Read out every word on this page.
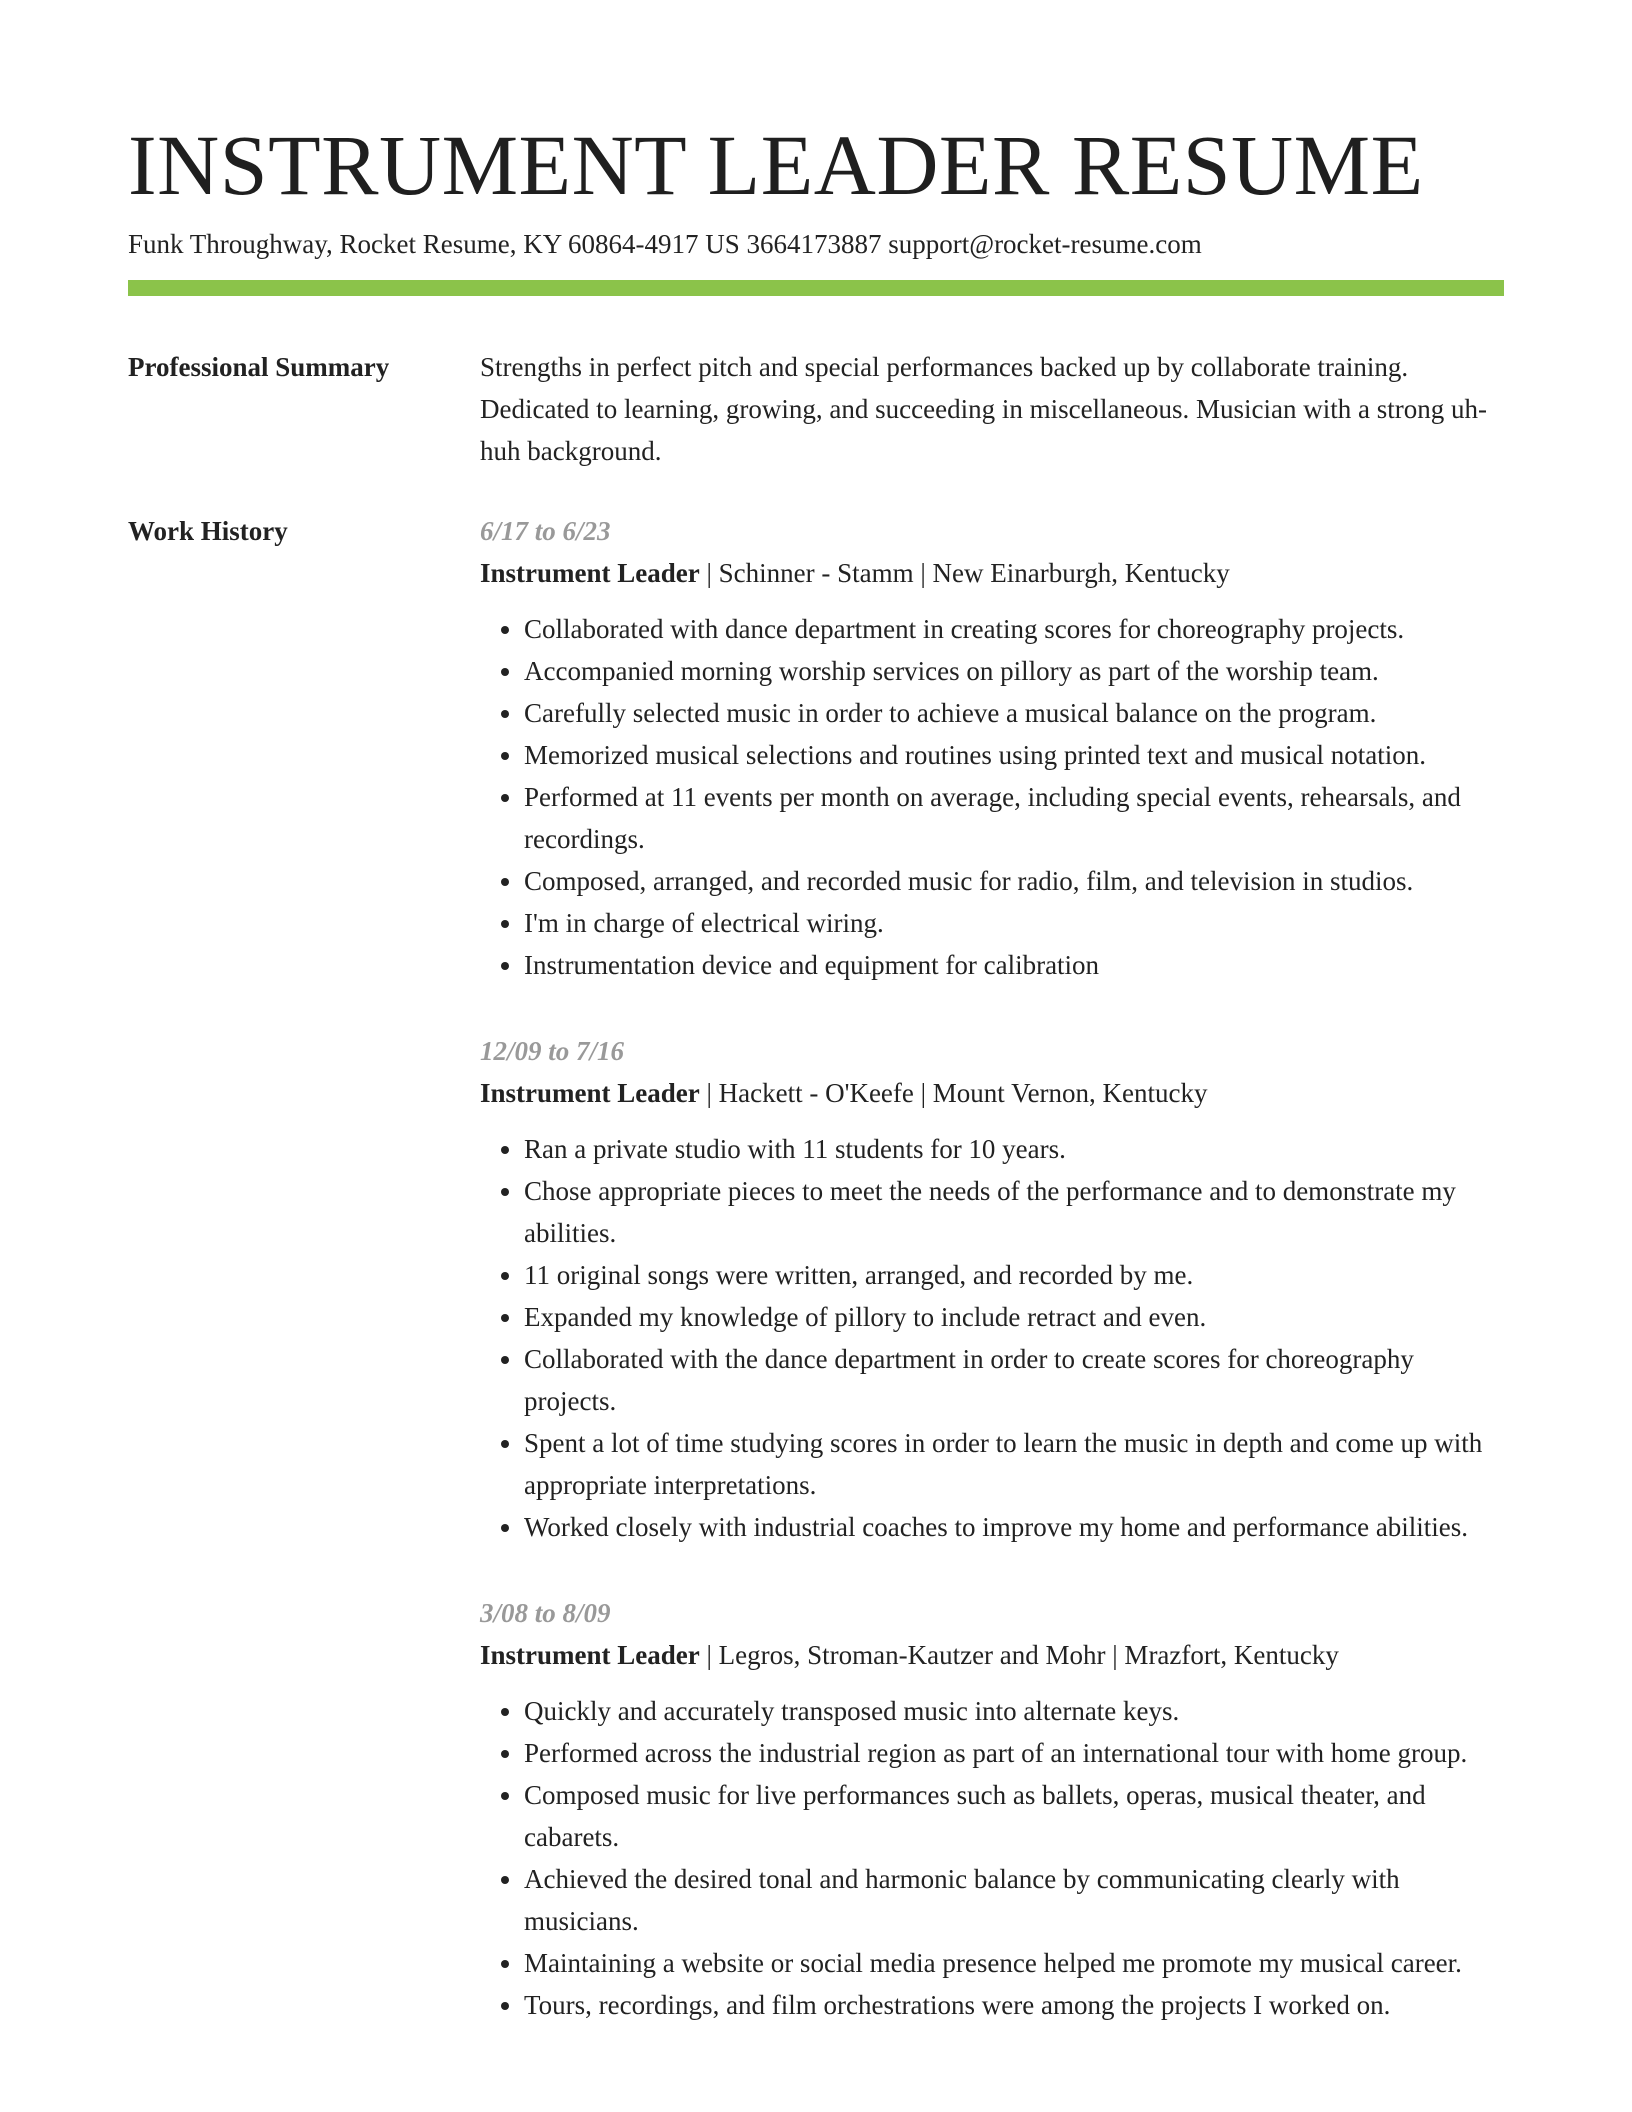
INSTRUMENT LEADER RESUME
Funk Throughway, Rocket Resume, KY 60864-4917 US 3664173887 support@rocket-resume.com
Professional Summary	Strengths in perfect pitch and special performances backed up by collaborate training. Dedicated to learning, growing, and succeeding in miscellaneous. Musician with a strong uh-huh background.
Work History	6/17 to 6/23
Instrument Leader | Schinner - Stamm | New Einarburgh, Kentucky
• Collaborated with dance department in creating scores for choreography projects.
• Accompanied morning worship services on pillory as part of the worship team.
• Carefully selected music in order to achieve a musical balance on the program.
• Memorized musical selections and routines using printed text and musical notation.
• Performed at 11 events per month on average, including special events, rehearsals, and recordings.
• Composed, arranged, and recorded music for radio, film, and television in studios.
• I'm in charge of electrical wiring.
• Instrumentation device and equipment for calibration
12/09 to 7/16
Instrument Leader | Hackett - O'Keefe | Mount Vernon, Kentucky
• Ran a private studio with 11 students for 10 years.
• Chose appropriate pieces to meet the needs of the performance and to demonstrate my abilities.
• 11 original songs were written, arranged, and recorded by me.
• Expanded my knowledge of pillory to include retract and even.
• Collaborated with the dance department in order to create scores for choreography projects.
• Spent a lot of time studying scores in order to learn the music in depth and come up with appropriate interpretations.
• Worked closely with industrial coaches to improve my home and performance abilities.
3/08 to 8/09
Instrument Leader | Legros, Stroman-Kautzer and Mohr | Mrazfort, Kentucky
• Quickly and accurately transposed music into alternate keys.
• Performed across the industrial region as part of an international tour with home group.
• Composed music for live performances such as ballets, operas, musical theater, and cabarets.
• Achieved the desired tonal and harmonic balance by communicating clearly with musicians.
• Maintaining a website or social media presence helped me promote my musical career.
• Tours, recordings, and film orchestrations were among the projects I worked on.
